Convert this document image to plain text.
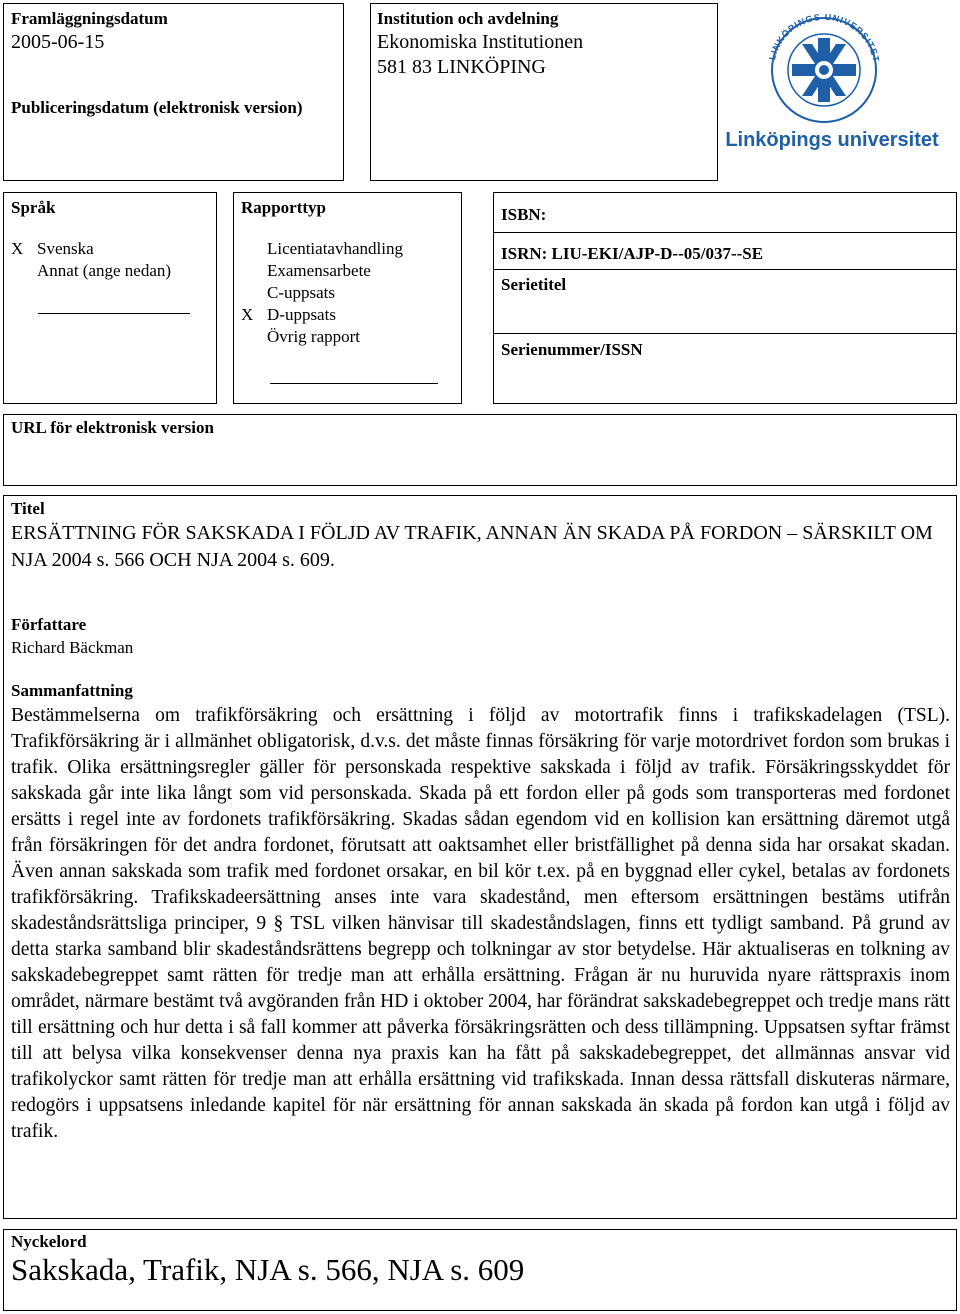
Framläggningsdatum
2005-06-15
Publiceringsdatum (elektronisk version)
Institution och avdelning
Ekonomiska Institutionen
581 83 LINKÖPING	LINKÖPINGS UNIVERSITET
Linköpings universitet
Språk
X Svenska
Annat (ange nedan)
Rapporttyp
Licentiatavhandling
Examensarbete
C-uppsats
X D-uppsats
Övrig rapport
ISBN:
ISRN: LIU-EKI/AJP-D--05/037--SE
Serietitel
Serienummer/ISSN
URL för elektronisk version
Titel
ERSÄTTNING FÖR SAKSKADA I FÖLJD AV TRAFIK, ANNAN ÄN SKADA PÅ FORDON – SÄRSKILT OM NJA 2004 s. 566 OCH NJA 2004 s. 609.
Författare
Richard Bäckman
Sammanfattning
Bestämmelserna om trafikförsäkring och ersättning i följd av motortrafik finns i trafikskadelagen (TSL). Trafikförsäkring är i allmänhet obligatorisk, d.v.s. det måste finnas försäkring för varje motordrivet fordon som brukas i trafik. Olika ersättningsregler gäller för personskada respektive sakskada i följd av trafik. Försäkringsskyddet för sakskada går inte lika långt som vid personskada. Skada på ett fordon eller på gods som transporteras med fordonet ersätts i regel inte av fordonets trafikförsäkring. Skadas sådan egendom vid en kollision kan ersättning däremot utgå från försäkringen för det andra fordonet, förutsatt att oaktsamhet eller bristfällighet på denna sida har orsakat skadan. Även annan sakskada som trafik med fordonet orsakar, en bil kör t.ex. på en byggnad eller cykel, betalas av fordonets trafikförsäkring. Trafikskadeersättning anses inte vara skadestånd, men eftersom ersättningen bestäms utifrån skadeståndsrättsliga principer, 9 § TSL vilken hänvisar till skadeståndslagen, finns ett tydligt samband. På grund av detta starka samband blir skadeståndsrättens begrepp och tolkningar av stor betydelse. Här aktualiseras en tolkning av sakskadebegreppet samt rätten för tredje man att erhålla ersättning. Frågan är nu huruvida nyare rättspraxis inom området, närmare bestämt två avgöranden från HD i oktober 2004, har förändrat sakskadebegreppet och tredje mans rätt till ersättning och hur detta i så fall kommer att påverka försäkringsrätten och dess tillämpning. Uppsatsen syftar främst till att belysa vilka konsekvenser denna nya praxis kan ha fått på sakskadebegreppet, det allmännas ansvar vid trafikolyckor samt rätten för tredje man att erhålla ersättning vid trafikskada. Innan dessa rättsfall diskuteras närmare, redogörs i uppsatsens inledande kapitel för när ersättning för annan sakskada än skada på fordon kan utgå i följd av trafik.
Nyckelord
Sakskada, Trafik, NJA s. 566, NJA s. 609
